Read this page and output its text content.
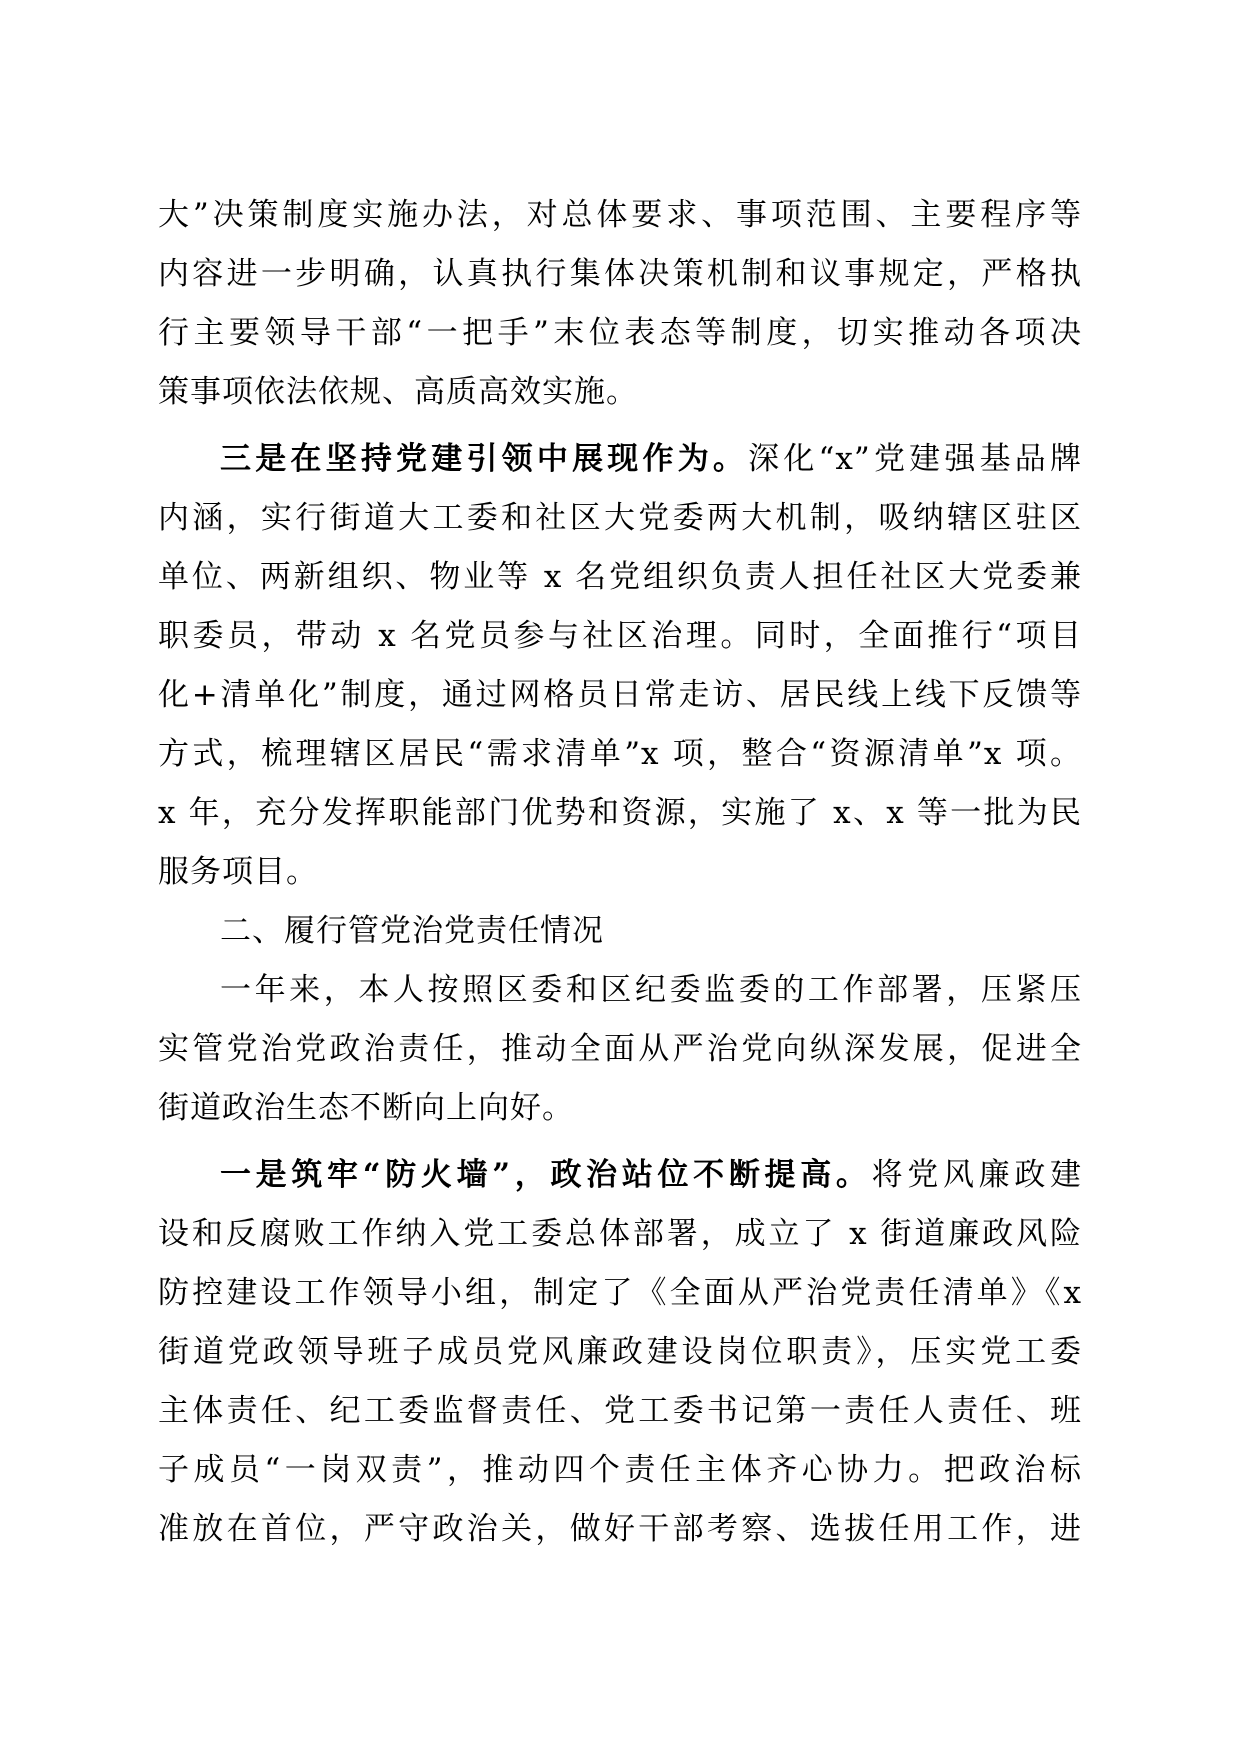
大”决策制度实施办法，对总体要求、事项范围、主要程序等
内容进一步明确，认真执行集体决策机制和议事规定，严格执
行主要领导干部“一把手”末位表态等制度，切实推动各项决
策事项依法依规、高质高效实施。
三是在坚持党建引领中展现作为。深化“x”党建强基品牌
内涵，实行街道大工委和社区大党委两大机制，吸纳辖区驻区
单位、两新组织、物业等 x 名党组织负责人担任社区大党委兼
职委员，带动 x 名党员参与社区治理。同时，全面推行“项目
化+清单化”制度，通过网格员日常走访、居民线上线下反馈等
方式，梳理辖区居民“需求清单”x 项，整合“资源清单”x 项。
x 年，充分发挥职能部门优势和资源，实施了 x、x 等一批为民
服务项目。
二、履行管党治党责任情况
一年来，本人按照区委和区纪委监委的工作部署，压紧压
实管党治党政治责任，推动全面从严治党向纵深发展，促进全
街道政治生态不断向上向好。
一是筑牢“防火墙”，政治站位不断提高。将党风廉政建
设和反腐败工作纳入党工委总体部署，成立了 x 街道廉政风险
防控建设工作领导小组，制定了《全面从严治党责任清单》《x
街道党政领导班子成员党风廉政建设岗位职责》，压实党工委
主体责任、纪工委监督责任、党工委书记第一责任人责任、班
子成员“一岗双责”，推动四个责任主体齐心协力。把政治标
准放在首位，严守政治关，做好干部考察、选拔任用工作，进
